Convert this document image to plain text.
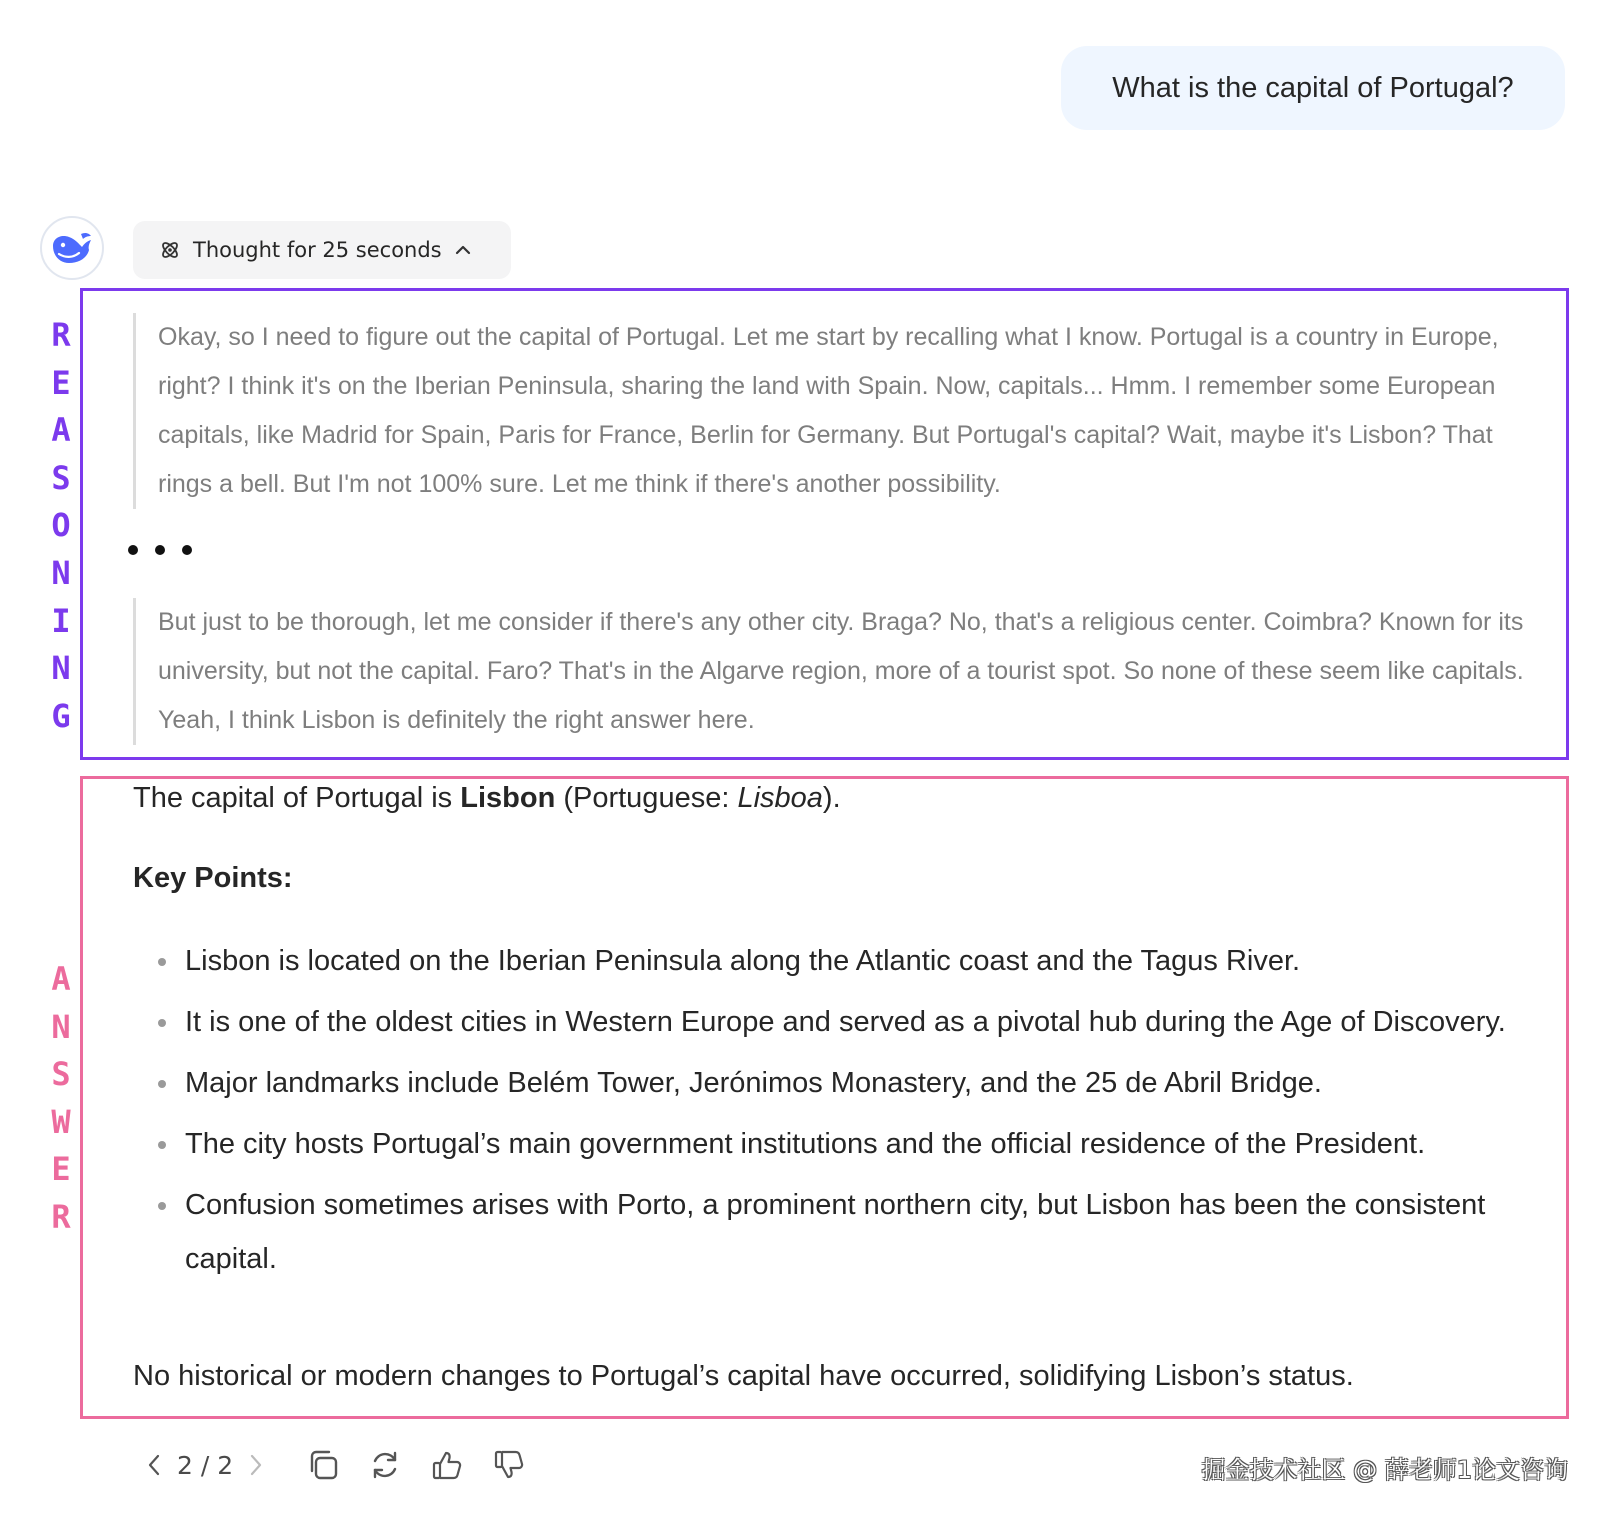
What is the capital of Portugal?
Thought for 25 seconds
R
E
A
S
O
N
I
N
G
A
N
S
W
E
R
Okay, so I need to figure out the capital of Portugal. Let me start by recalling what I know. Portugal is a country in Europe, right? I think it's on the Iberian Peninsula, sharing the land with Spain. Now, capitals... Hmm. I remember some European capitals, like Madrid for Spain, Paris for France, Berlin for Germany. But Portugal's capital? Wait, maybe it's Lisbon? That rings a bell. But I'm not 100% sure. Let me think if there's another possibility.
But just to be thorough, let me consider if there's any other city. Braga? No, that's a religious center. Coimbra? Known for its university, but not the capital. Faro? That's in the Algarve region, more of a tourist spot. So none of these seem like capitals. Yeah, I think Lisbon is definitely the right answer here.
The capital of Portugal is Lisbon (Portuguese: Lisboa).
Key Points:
Lisbon is located on the Iberian Peninsula along the Atlantic coast and the Tagus River.
It is one of the oldest cities in Western Europe and served as a pivotal hub during the Age of Discovery.
Major landmarks include Belém Tower, Jerónimos Monastery, and the 25 de Abril Bridge.
The city hosts Portugal’s main government institutions and the official residence of the President.
Confusion sometimes arises with Porto, a prominent northern city, but Lisbon has been the consistent capital.
No historical or modern changes to Portugal’s capital have occurred, solidifying Lisbon’s status.
2 / 2	掘金技术社区 @ 薛老师1论文咨询
